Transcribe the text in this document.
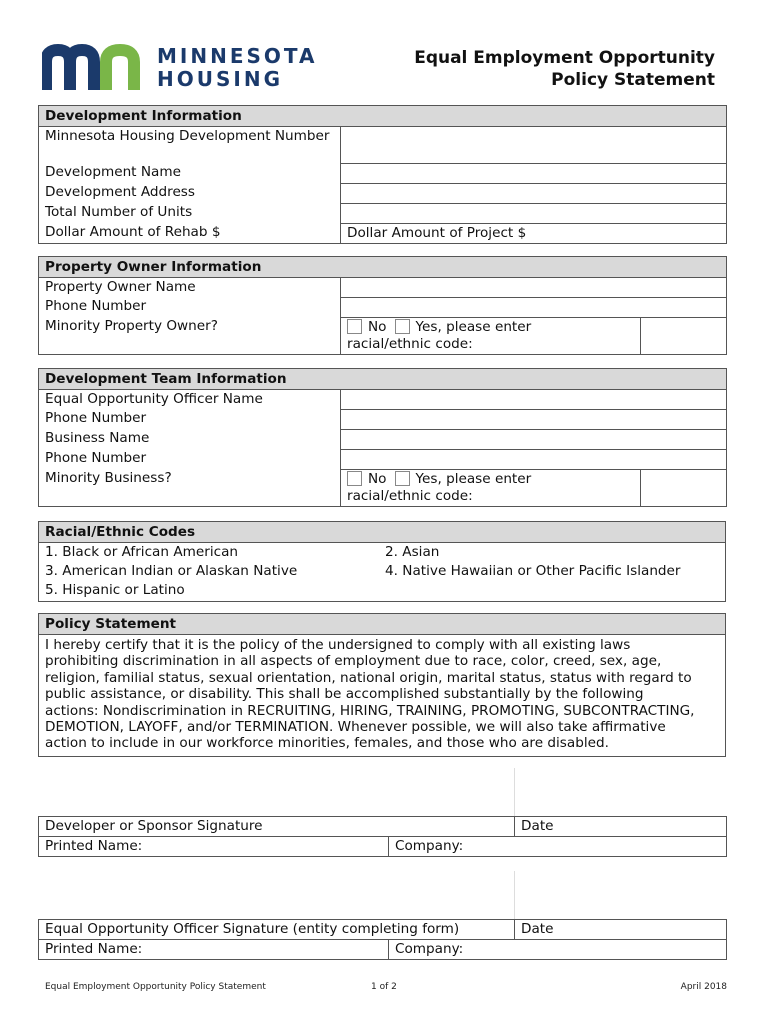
MINNESOTA
HOUSING
Equal Employment Opportunity
Policy Statement
Development Information	
Minnesota Housing Development Number	
Development Name	
Development Address	
Total Number of Units	
Dollar Amount of Rehab $	Dollar Amount of Project $
Property Owner Information		
Property Owner Name		
Phone Number		
Minority Property Owner?	No Yes, please enter
racial/ethnic code:	

Development Team Information		
Equal Opportunity Officer Name		
Phone Number		
Business Name		
Phone Number		
Minority Business?	No Yes, please enter
racial/ethnic code:	

Racial/Ethnic Codes
1. Black or African American	2. Asian
3. American Indian or Alaskan Native	4. Native Hawaiian or Other Pacific Islander
5. Hispanic or Latino
Policy Statement
I hereby certify that it is the policy of the undersigned to comply with all existing laws
prohibiting discrimination in all aspects of employment due to race, color, creed, sex, age,
religion, familial status, sexual orientation, national origin, marital status, status with regard to
public assistance, or disability. This shall be accomplished substantially by the following
actions: Nondiscrimination in RECRUITING, HIRING, TRAINING, PROMOTING, SUBCONTRACTING,
DEMOTION, LAYOFF, and/or TERMINATION. Whenever possible, we will also take affirmative
action to include in our workforce minorities, females, and those who are disabled.
Developer or Sponsor Signature		Date
Printed Name:	Company:	
Equal Opportunity Officer Signature (entity completing form)		Date
Printed Name:	Company:	
Equal Employment Opportunity Policy Statement	1 of 2	April 2018
